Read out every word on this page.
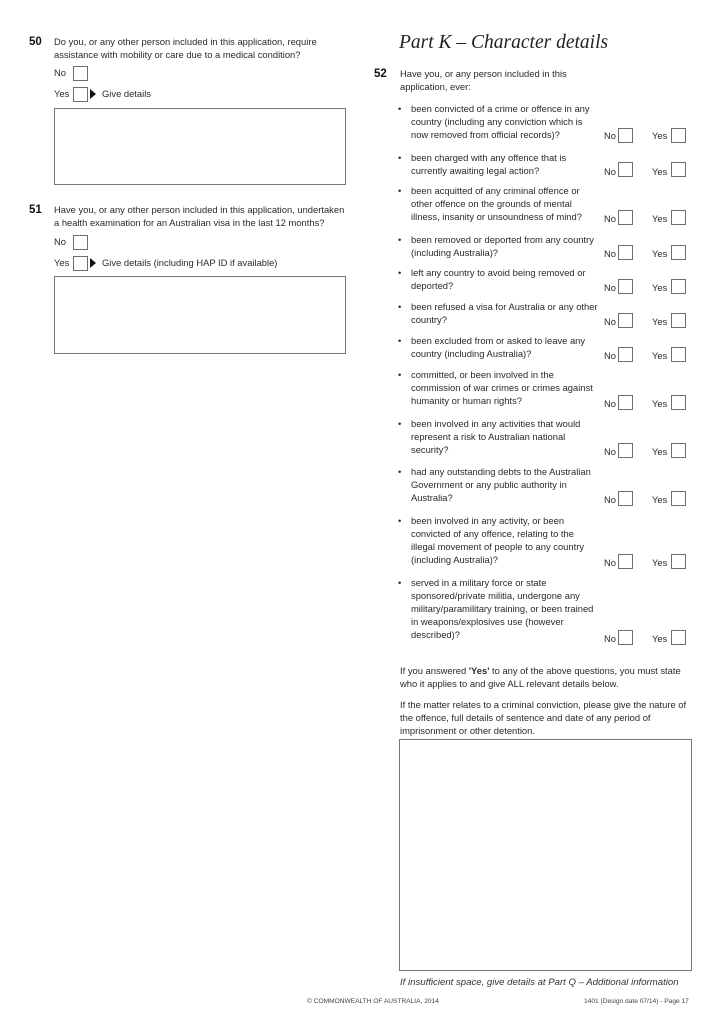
50 Do you, or any other person included in this application, require assistance with mobility or care due to a medical condition?
No
Yes	Give details
51 Have you, or any other person included in this application, undertaken a health examination for an Australian visa in the last 12 months?
No
Yes	Give details (including HAP ID if available)
Part K – Character details
52 Have you, or any person included in this application, ever:
• been convicted of a crime or offence in any country (including any conviction which is now removed from official records)?	No	Yes
• been charged with any offence that is currently awaiting legal action?	No	Yes
• been acquitted of any criminal offence or other offence on the grounds of mental illness, insanity or unsoundness of mind?	No	Yes
• been removed or deported from any country (including Australia)?	No	Yes
• left any country to avoid being removed or deported?	No	Yes
• been refused a visa for Australia or any other country?	No	Yes
• been excluded from or asked to leave any country (including Australia)?	No	Yes
• committed, or been involved in the commission of war crimes or crimes against humanity or human rights?	No	Yes
• been involved in any activities that would represent a risk to Australian national security?	No	Yes
• had any outstanding debts to the Australian Government or any public authority in Australia?	No	Yes
• been involved in any activity, or been convicted of any offence, relating to the illegal movement of people to any country (including Australia)?	No	Yes
• served in a military force or state sponsored/private militia, undergone any military/paramilitary training, or been trained in weapons/explosives use (however described)?	No	Yes
If you answered 'Yes' to any of the above questions, you must state who it applies to and give ALL relevant details below.
If the matter relates to a criminal conviction, please give the nature of the offence, full details of sentence and date of any period of imprisonment or other detention.
If insufficient space, give details at Part Q – Additional information
© COMMONWEALTH OF AUSTRALIA, 2014	1401 (Design date 07/14) - Page 17
